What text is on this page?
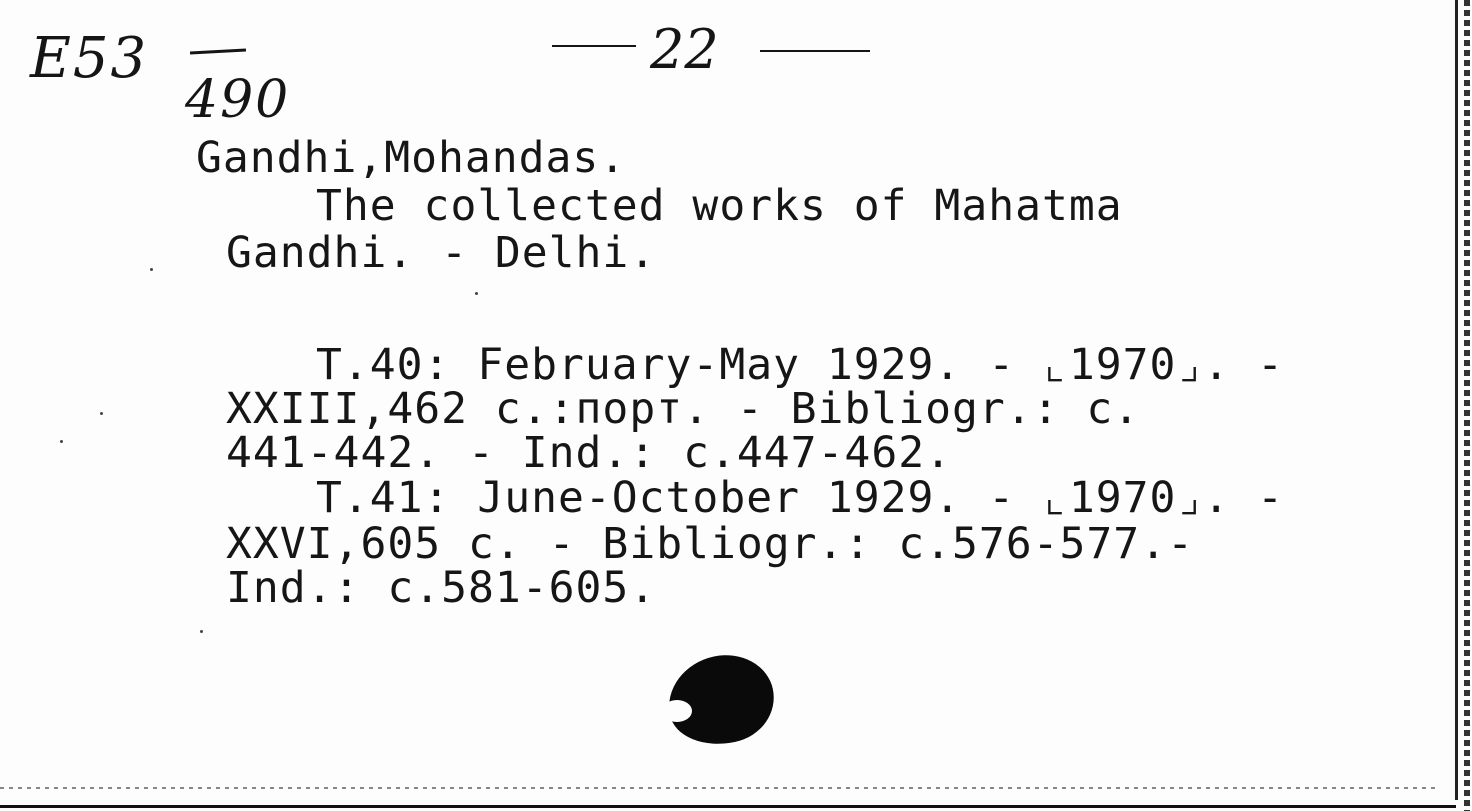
E53
490
22
Gandhi,Mohandas.
The collected works of Mahatma
Gandhi. - Delhi.
T.40: February-May 1929. - ⌞1970⌟. -
XXIII,462 c.:порт. - Bibliogr.: c.
441-442. - Ind.: c.447-462.
T.41: June-October 1929. - ⌞1970⌟. -
XXVI,605 c. - Bibliogr.: c.576-577.-
Ind.: c.581-605.
